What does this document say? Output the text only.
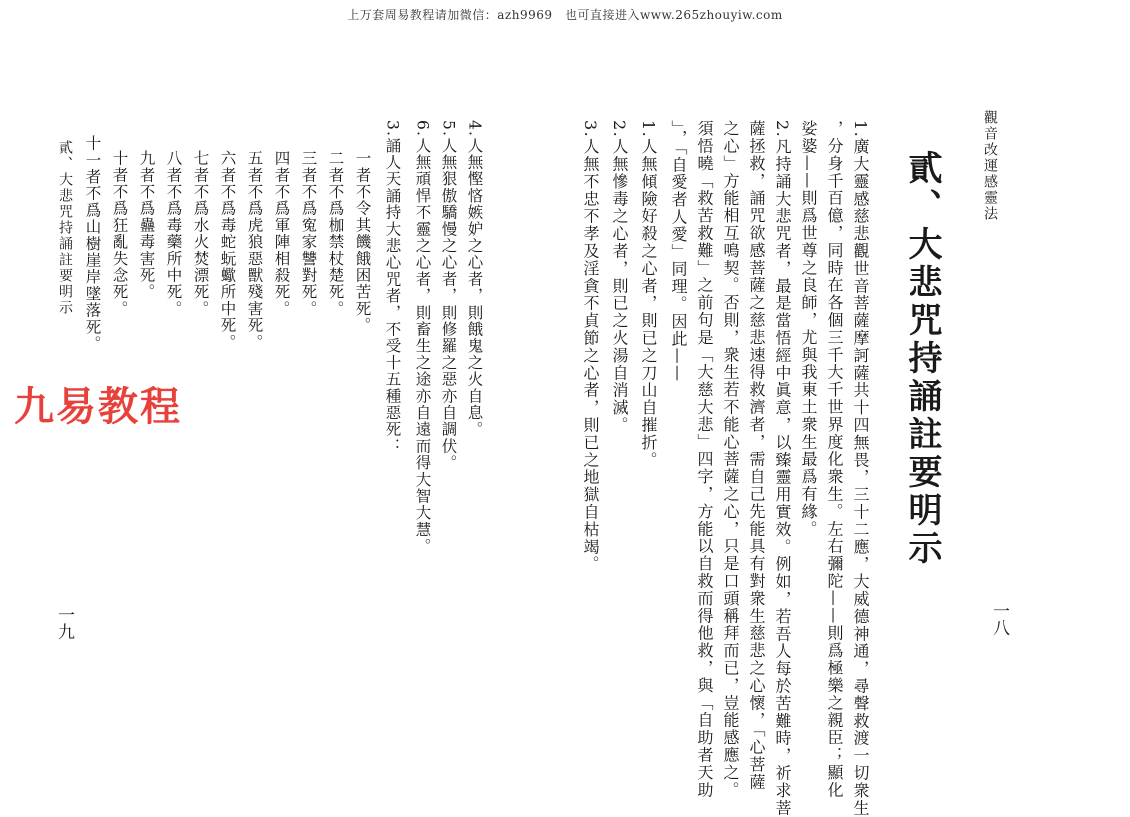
上万套周易教程请加微信：azh9969　也可直接进入www.265zhouyiw.com
觀音改運感靈法
一八
貳、大悲咒持誦註要明示
1.廣大靈感慈悲觀世音菩薩摩訶薩共十四無畏，三十二應，大威德神通，尋聲救渡一切衆生
，分身千百億，同時在各個三千大千世界度化衆生。左右彌陀——則爲極樂之親臣；顯化
娑婆——則爲世尊之良師，尤與我東土衆生最爲有緣。
2.凡持誦大悲咒者，最是當悟經中眞意，以臻靈用實效。例如，若吾人每於苦難時，祈求菩
薩拯救，誦咒欲感菩薩之慈悲速得救濟者，需自己先能具有對衆生慈悲之心懷，「心菩薩
之心」方能相互鳴契。否則，衆生若不能心菩薩之心，只是口頭稱拜而已，豈能感應之。
須悟曉「救苦救難」之前句是「大慈大悲」四字，方能以自救而得他救，與「自助者天助
」，「自愛者人愛」同理。因此——
1.人無傾險好殺之心者，則已之刀山自摧折。
2.人無慘毒之心者，則已之火湯自消滅。
3.人無不忠不孝及淫貪不貞節之心者，則已之地獄自枯竭。
一九
貳、大悲咒持誦註要明示	4.人無慳悋嫉妒之心者，則餓鬼之火自息。
5.人無狠傲驕慢之心者，則修羅之惡亦自調伏。
6.人無頑悍不靈之心者，則畜生之途亦自遠而得大智大慧。
3.誦人天誦持大悲心咒者，不受十五種惡死：
一者不令其饑餓困苦死。
二者不爲枷禁杖楚死。
三者不爲寃家讐對死。
四者不爲軍陣相殺死。
五者不爲虎狼惡獸殘害死。
六者不爲毒蛇蚖蠍所中死。
七者不爲水火焚漂死。
八者不爲毒藥所中死。
九者不爲蠱毒害死。
十者不爲狂亂失念死。
十一者不爲山樹崖岸墜落死。
九易教程
